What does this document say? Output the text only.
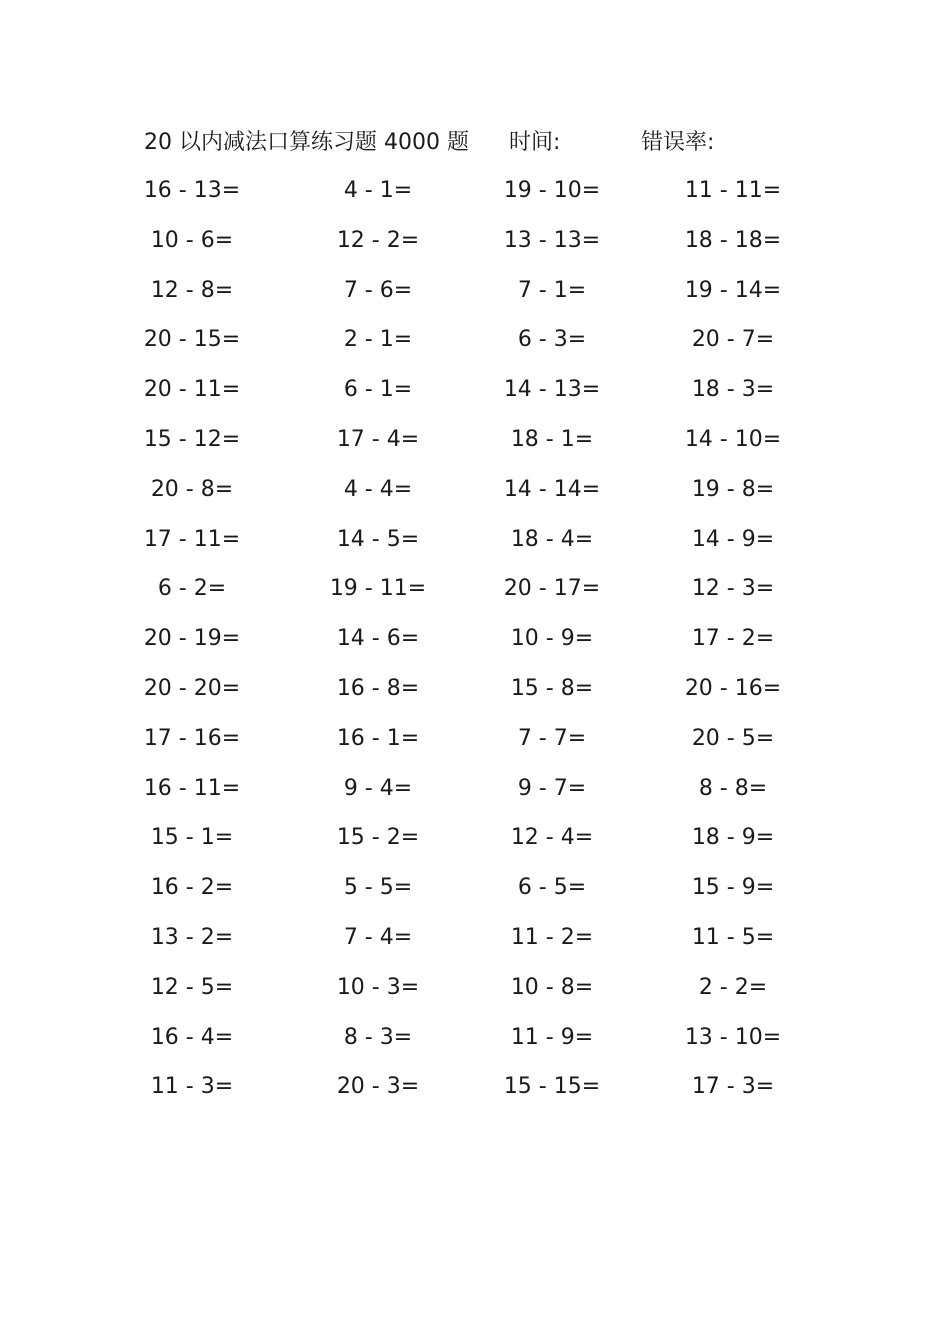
20 以内减法口算练习题 4000 题 时间:	错误率:
16 - 13=	4 - 1=	19 - 10=	11 - 11=
10 - 6=	12 - 2=	13 - 13=	18 - 18=
12 - 8=	7 - 6=	7 - 1=	19 - 14=
20 - 15=	2 - 1=	6 - 3=	20 - 7=
20 - 11=	6 - 1=	14 - 13=	18 - 3=
15 - 12=	17 - 4=	18 - 1=	14 - 10=
20 - 8=	4 - 4=	14 - 14=	19 - 8=
17 - 11=	14 - 5=	18 - 4=	14 - 9=
6 - 2=	19 - 11=	20 - 17=	12 - 3=
20 - 19=	14 - 6=	10 - 9=	17 - 2=
20 - 20=	16 - 8=	15 - 8=	20 - 16=
17 - 16=	16 - 1=	7 - 7=	20 - 5=
16 - 11=	9 - 4=	9 - 7=	8 - 8=
15 - 1=	15 - 2=	12 - 4=	18 - 9=
16 - 2=	5 - 5=	6 - 5=	15 - 9=
13 - 2=	7 - 4=	11 - 2=	11 - 5=
12 - 5=	10 - 3=	10 - 8=	2 - 2=
16 - 4=	8 - 3=	11 - 9=	13 - 10=
11 - 3=	20 - 3=	15 - 15=	17 - 3=
